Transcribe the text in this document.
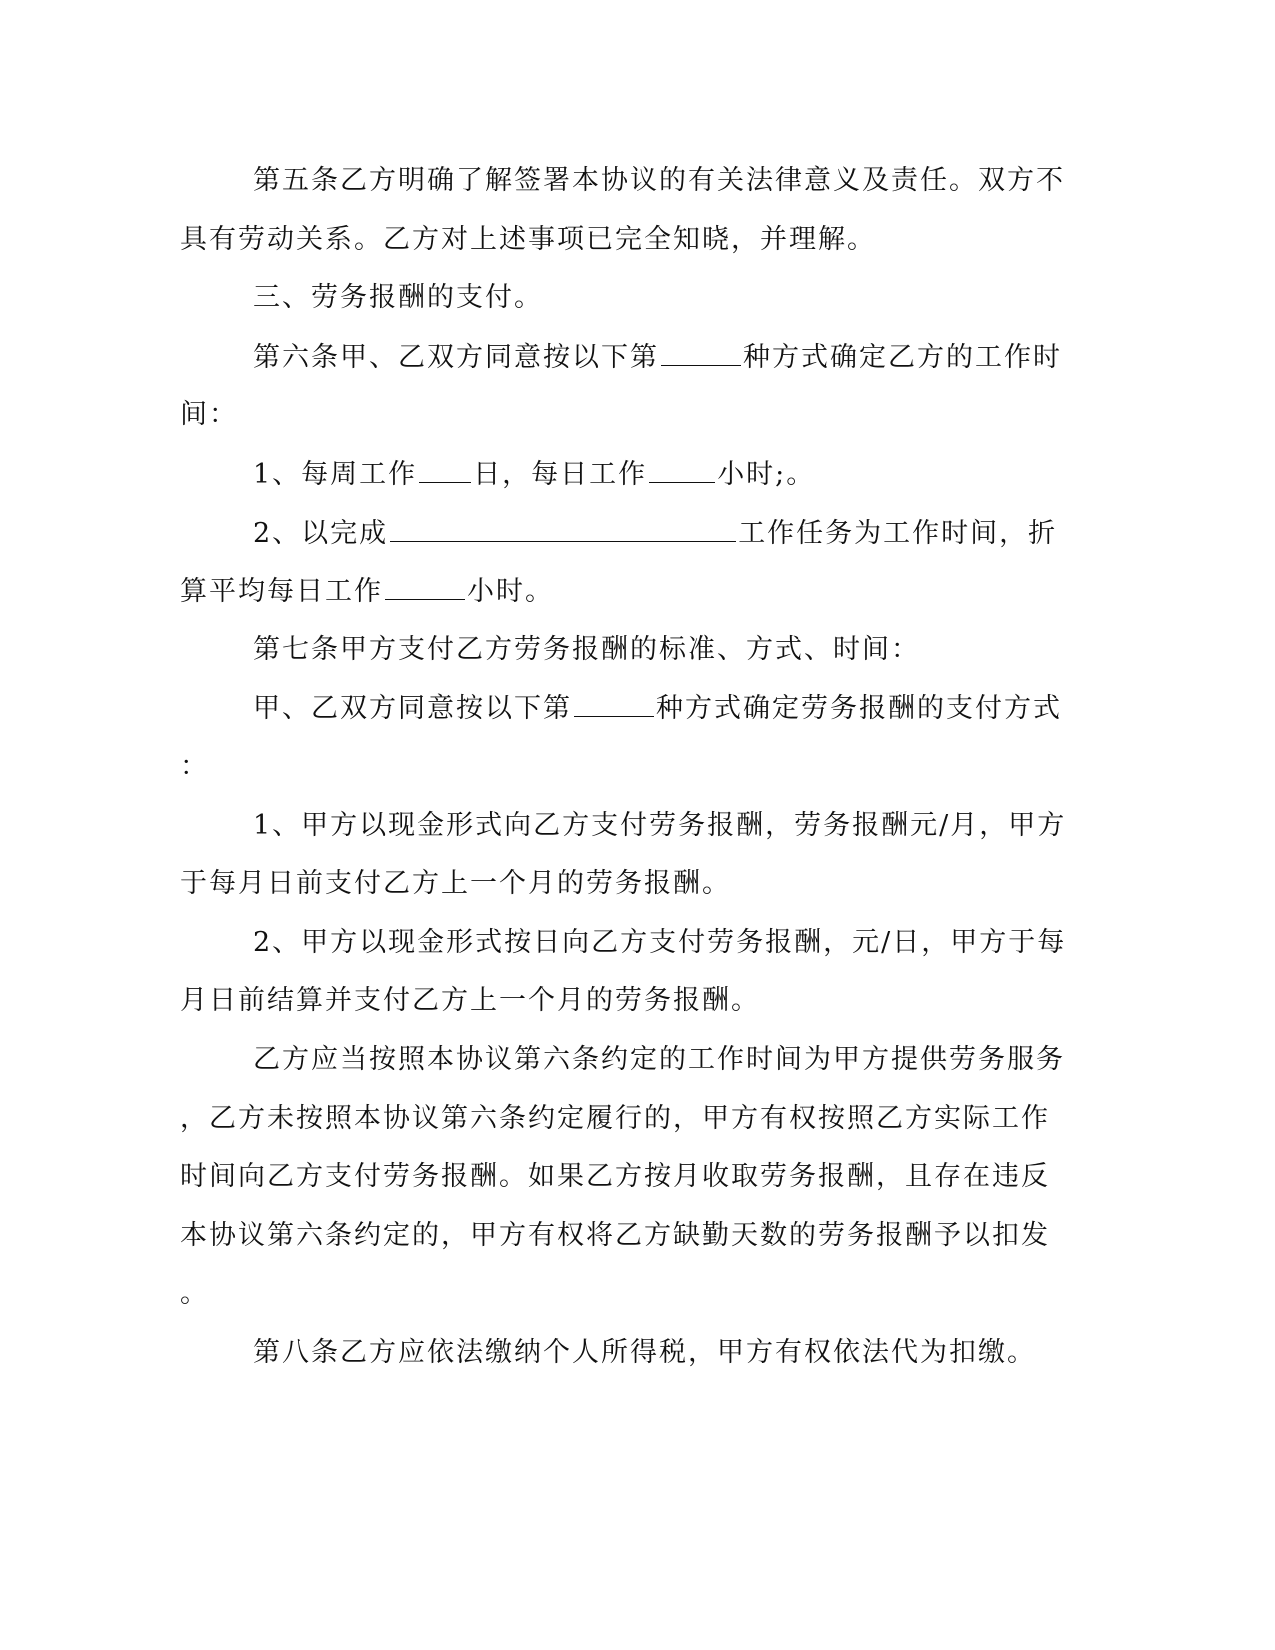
第五条乙方明确了解签署本协议的有关法律意义及责任。双方不
具有劳动关系。乙方对上述事项已完全知晓，并理解。
三、劳务报酬的支付。
第六条甲、乙双方同意按以下第	种方式确定乙方的工作时
间：
1、每周工作 日，每日工作	小时;。
2、以完成	工作任务为工作时间，折
算平均每日工作	小时。
第七条甲方支付乙方劳务报酬的标准、方式、时间：
甲、乙双方同意按以下第	种方式确定劳务报酬的支付方式
：
1、甲方以现金形式向乙方支付劳务报酬，劳务报酬元/月，甲方
于每月日前支付乙方上一个月的劳务报酬。
2、甲方以现金形式按日向乙方支付劳务报酬，元/日，甲方于每
月日前结算并支付乙方上一个月的劳务报酬。
乙方应当按照本协议第六条约定的工作时间为甲方提供劳务服务
，乙方未按照本协议第六条约定履行的，甲方有权按照乙方实际工作
时间向乙方支付劳务报酬。如果乙方按月收取劳务报酬，且存在违反
本协议第六条约定的，甲方有权将乙方缺勤天数的劳务报酬予以扣发
。
第八条乙方应依法缴纳个人所得税，甲方有权依法代为扣缴。
